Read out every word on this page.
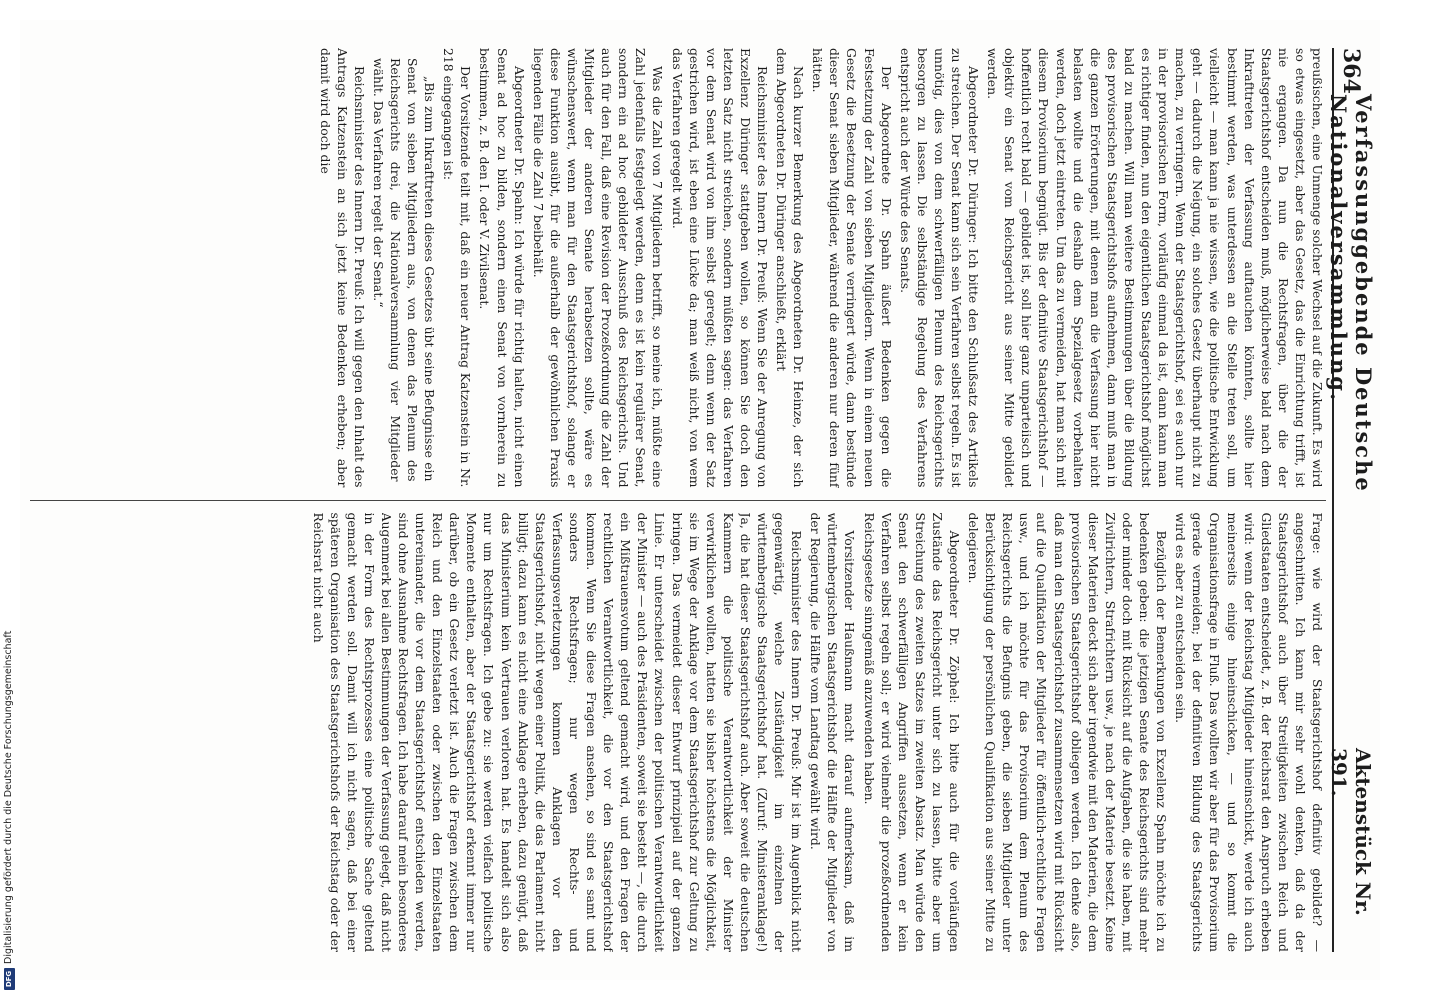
364
Verfassunggebende Deutsche Nationalversammlung.
Aktenstück Nr. 391.

preußischen, eine Unmenge solcher Wechsel auf die Zukunft. Es wird so etwas eingesetzt, aber das Gesetz, das die Einrichtung trifft, ist nie ergangen. Da nun die Rechtsfragen, über die der Staatsgerichtshof entscheiden muß, möglicherweise bald nach dem Inkrafttreten der Verfassung auftauchen könnten, sollte hier bestimmt werden, was unterdessen an die Stelle treten soll, um vielleicht — man kann ja nie wissen, wie die politische Entwicklung geht — dadurch die Neigung, ein solches Gesetz überhaupt nicht zu machen, zu verringern. Wenn der Staatsgerichtshof, sei es auch nur in der provisorischen Form, vorläufig einmal da ist, dann kann man es richtiger finden, nun den eigentlichen Staatsgerichtshof möglichst bald zu machen. Will man weitere Bestimmungen über die Bildung des provisorischen Staatsgerichtshofs aufnehmen, dann muß man in die ganzen Erörterungen, mit denen man die Verfassung hier nicht belasten wollte und die deshalb dem Spezialgesetz vorbehalten werden, doch jetzt eintreten. Um das zu vermeiden, hat man sich mit diesem Provisorium begnügt. Bis der definitive Staatsgerichtshof — hoffentlich recht bald — gebildet ist, soll hier ganz unparteiisch und objektiv ein Senat vom Reichsgericht aus seiner Mitte gebildet werden.

Abgeordneter Dr. Düringer: Ich bitte den Schlußsatz des Artikels zu streichen. Der Senat kann sich sein Verfahren selbst regeln. Es ist unnötig, dies von dem schwerfälligen Plenum des Reichsgerichts besorgen zu lassen. Die selbständige Regelung des Verfahrens entspricht auch der Würde des Senats.

Der Abgeordnete Dr. Spahn äußert Bedenken gegen die Festsetzung der Zahl von sieben Mitgliedern. Wenn in einem neuen Gesetz die Besetzung der Senate verringert würde, dann bestünde dieser Senat sieben Mitglieder, während die anderen nur deren fünf hätten.

Nach kurzer Bemerkung des Abgeordneten Dr. Heinze, der sich dem Abgeordneten Dr. Düringer anschließt, erklärt

Reichsminister des Innern Dr. Preuß: Wenn Sie der Anregung von Exzellenz Düringer stattgeben wollen, so können Sie doch den letzten Satz nicht streichen, sondern müßten sagen: das Verfahren vor dem Senat wird von ihm selbst geregelt; denn wenn der Satz gestrichen wird, ist eben eine Lücke da; man weiß nicht, von wem das Verfahren geregelt wird.

Was die Zahl von 7 Mitgliedern betrifft, so meine ich, müßte eine Zahl jedenfalls festgelegt werden, denn es ist kein regulärer Senat, sondern ein ad hoc gebildeter Ausschuß des Reichsgerichts. Und auch für den Fall, daß eine Revision der Prozeßordnung die Zahl der Mitglieder der anderen Senate herabsetzen sollte, wäre es wünschenswert, wenn man für den Staatsgerichtshof, solange er diese Funktion ausübt, für die außerhalb der gewöhnlichen Praxis liegenden Fälle die Zahl 7 beibehält.

Abgeordneter Dr. Spahn: Ich würde für richtig halten, nicht einen Senat ad hoc zu bilden, sondern einen Senat von vornherein zu bestimmen, z. B. den I. oder V. Zivilsenat.

Der Vorsitzende teilt mit, daß ein neuer Antrag Katzenstein in Nr. 218 eingegangen ist:

„Bis zum Inkrafttreten dieses Gesetzes übt seine Befugnisse ein Senat von sieben Mitgliedern aus, von denen das Plenum des Reichsgerichts drei, die Nationalversammlung vier Mitglieder wählt. Das Verfahren regelt der Senat.“

Reichsminister des Innern Dr. Preuß: Ich will gegen den Inhalt des Antrags Katzenstein an sich jetzt keine Bedenken erheben; aber damit wird doch die

Frage: wie wird der Staatsgerichtshof definitiv gebildet? — angeschnitten. Ich kann mir sehr wohl denken, daß da der Staatsgerichtshof auch über Streitigkeiten zwischen Reich und Gliedstaaten entscheidet, z. B. der Reichsrat den Anspruch erheben wird: wenn der Reichstag Mitglieder hineinschickt, werde ich auch meinerseits einige hineinschicken, — und so kommt die Organisationsfrage in Fluß. Das wollten wir aber für das Provisorium gerade vermeiden; bei der definitiven Bildung des Staatsgerichts wird es aber zu entscheiden sein.

Bezüglich der Bemerkungen von Exzellenz Spahn möchte ich zu bedenken geben: die jetzigen Senate des Reichsgerichts sind mehr oder minder doch mit Rücksicht auf die Aufgaben, die sie haben, mit Zivilrichtern, Strafrichtern usw., je nach der Materie besetzt. Keine dieser Materien deckt sich aber irgendwie mit den Materien, die dem provisorischen Staatsgerichtshof obliegen werden. Ich denke also, daß man den Staatsgerichtshof zusammensetzen wird mit Rücksicht auf die Qualifikation der Mitglieder für öffentlich-rechtliche Fragen usw., und ich möchte für das Provisorium dem Plenum des Reichsgerichts die Befugnis geben, die sieben Mitglieder unter Berücksichtigung der persönlichen Qualifikation aus seiner Mitte zu delegieren.

Abgeordneter Dr. Zöphel: Ich bitte auch für die vorläufigen Zustände das Reichsgericht unter sich zu lassen, bitte aber um Streichung des zweiten Satzes im zweiten Absatz. Man würde den Senat den schwerfälligen Angriffen aussetzen, wenn er kein Verfahren selbst regeln soll; er wird vielmehr die prozeßordnenden Reichsgesetze sinngemäß anzuwenden haben.

Vorsitzender Haußmann macht darauf aufmerksam, daß im württembergischen Staatsgerichtshof die Hälfte der Mitglieder von der Regierung, die Hälfte vom Landtag gewählt wird.

Reichsminister des Innern Dr. Preuß: Mir ist im Augenblick nicht gegenwärtig, welche Zuständigkeit im einzelnen der württembergische Staatsgerichtshof hat. (Zuruf: Ministeranklage!) Ja, die hat dieser Staatsgerichtshof auch. Aber soweit die deutschen Kammern die politische Verantwortlichkeit der Minister verwirklichen wollten, hatten sie bisher höchstens die Möglichkeit, sie im Wege der Anklage vor dem Staatsgerichtshof zur Geltung zu bringen. Das vermeidet dieser Entwurf prinzipiell auf der ganzen Linie. Er unterscheidet zwischen der politischen Verantwortlichkeit der Minister — auch des Präsidenten, soweit sie besteht —, die durch ein Mißtrauensvotum geltend gemacht wird, und den Fragen der rechtlichen Verantwortlichkeit, die vor den Staatsgerichtshof kommen. Wenn Sie diese Fragen ansehen, so sind es samt und sonders Rechtsfragen; nur wegen Rechts- und Verfassungsverletzungen kommen Anklagen vor den Staatsgerichtshof, nicht wegen einer Politik, die das Parlament nicht billigt; dazu kann es nicht eine Anklage erheben, dazu genügt, daß das Ministerium kein Vertrauen verloren hat. Es handelt sich also nur um Rechtsfragen. Ich gebe zu: sie werden vielfach politische Momente enthalten, aber der Staatsgerichtshof erkennt immer nur darüber, ob ein Gesetz verletzt ist. Auch die Fragen zwischen dem Reich und den Einzelstaaten oder zwischen den Einzelstaaten untereinander, die vor dem Staatsgerichtshof entschieden werden, sind ohne Ausnahme Rechtsfragen. Ich habe darauf mein besonderes Augenmerk bei allen Bestimmungen der Verfassung gelegt, daß nicht in der Form des Rechtsprozesses eine politische Sache geltend gemacht werden soll. Damit will ich nicht sagen, daß bei einer späteren Organisation des Staatsgerichtshofs der Reichstag oder der Reichsrat nicht auch

DFG
Digitalisierung gefördert durch die Deutsche Forschungsgemeinschaft
